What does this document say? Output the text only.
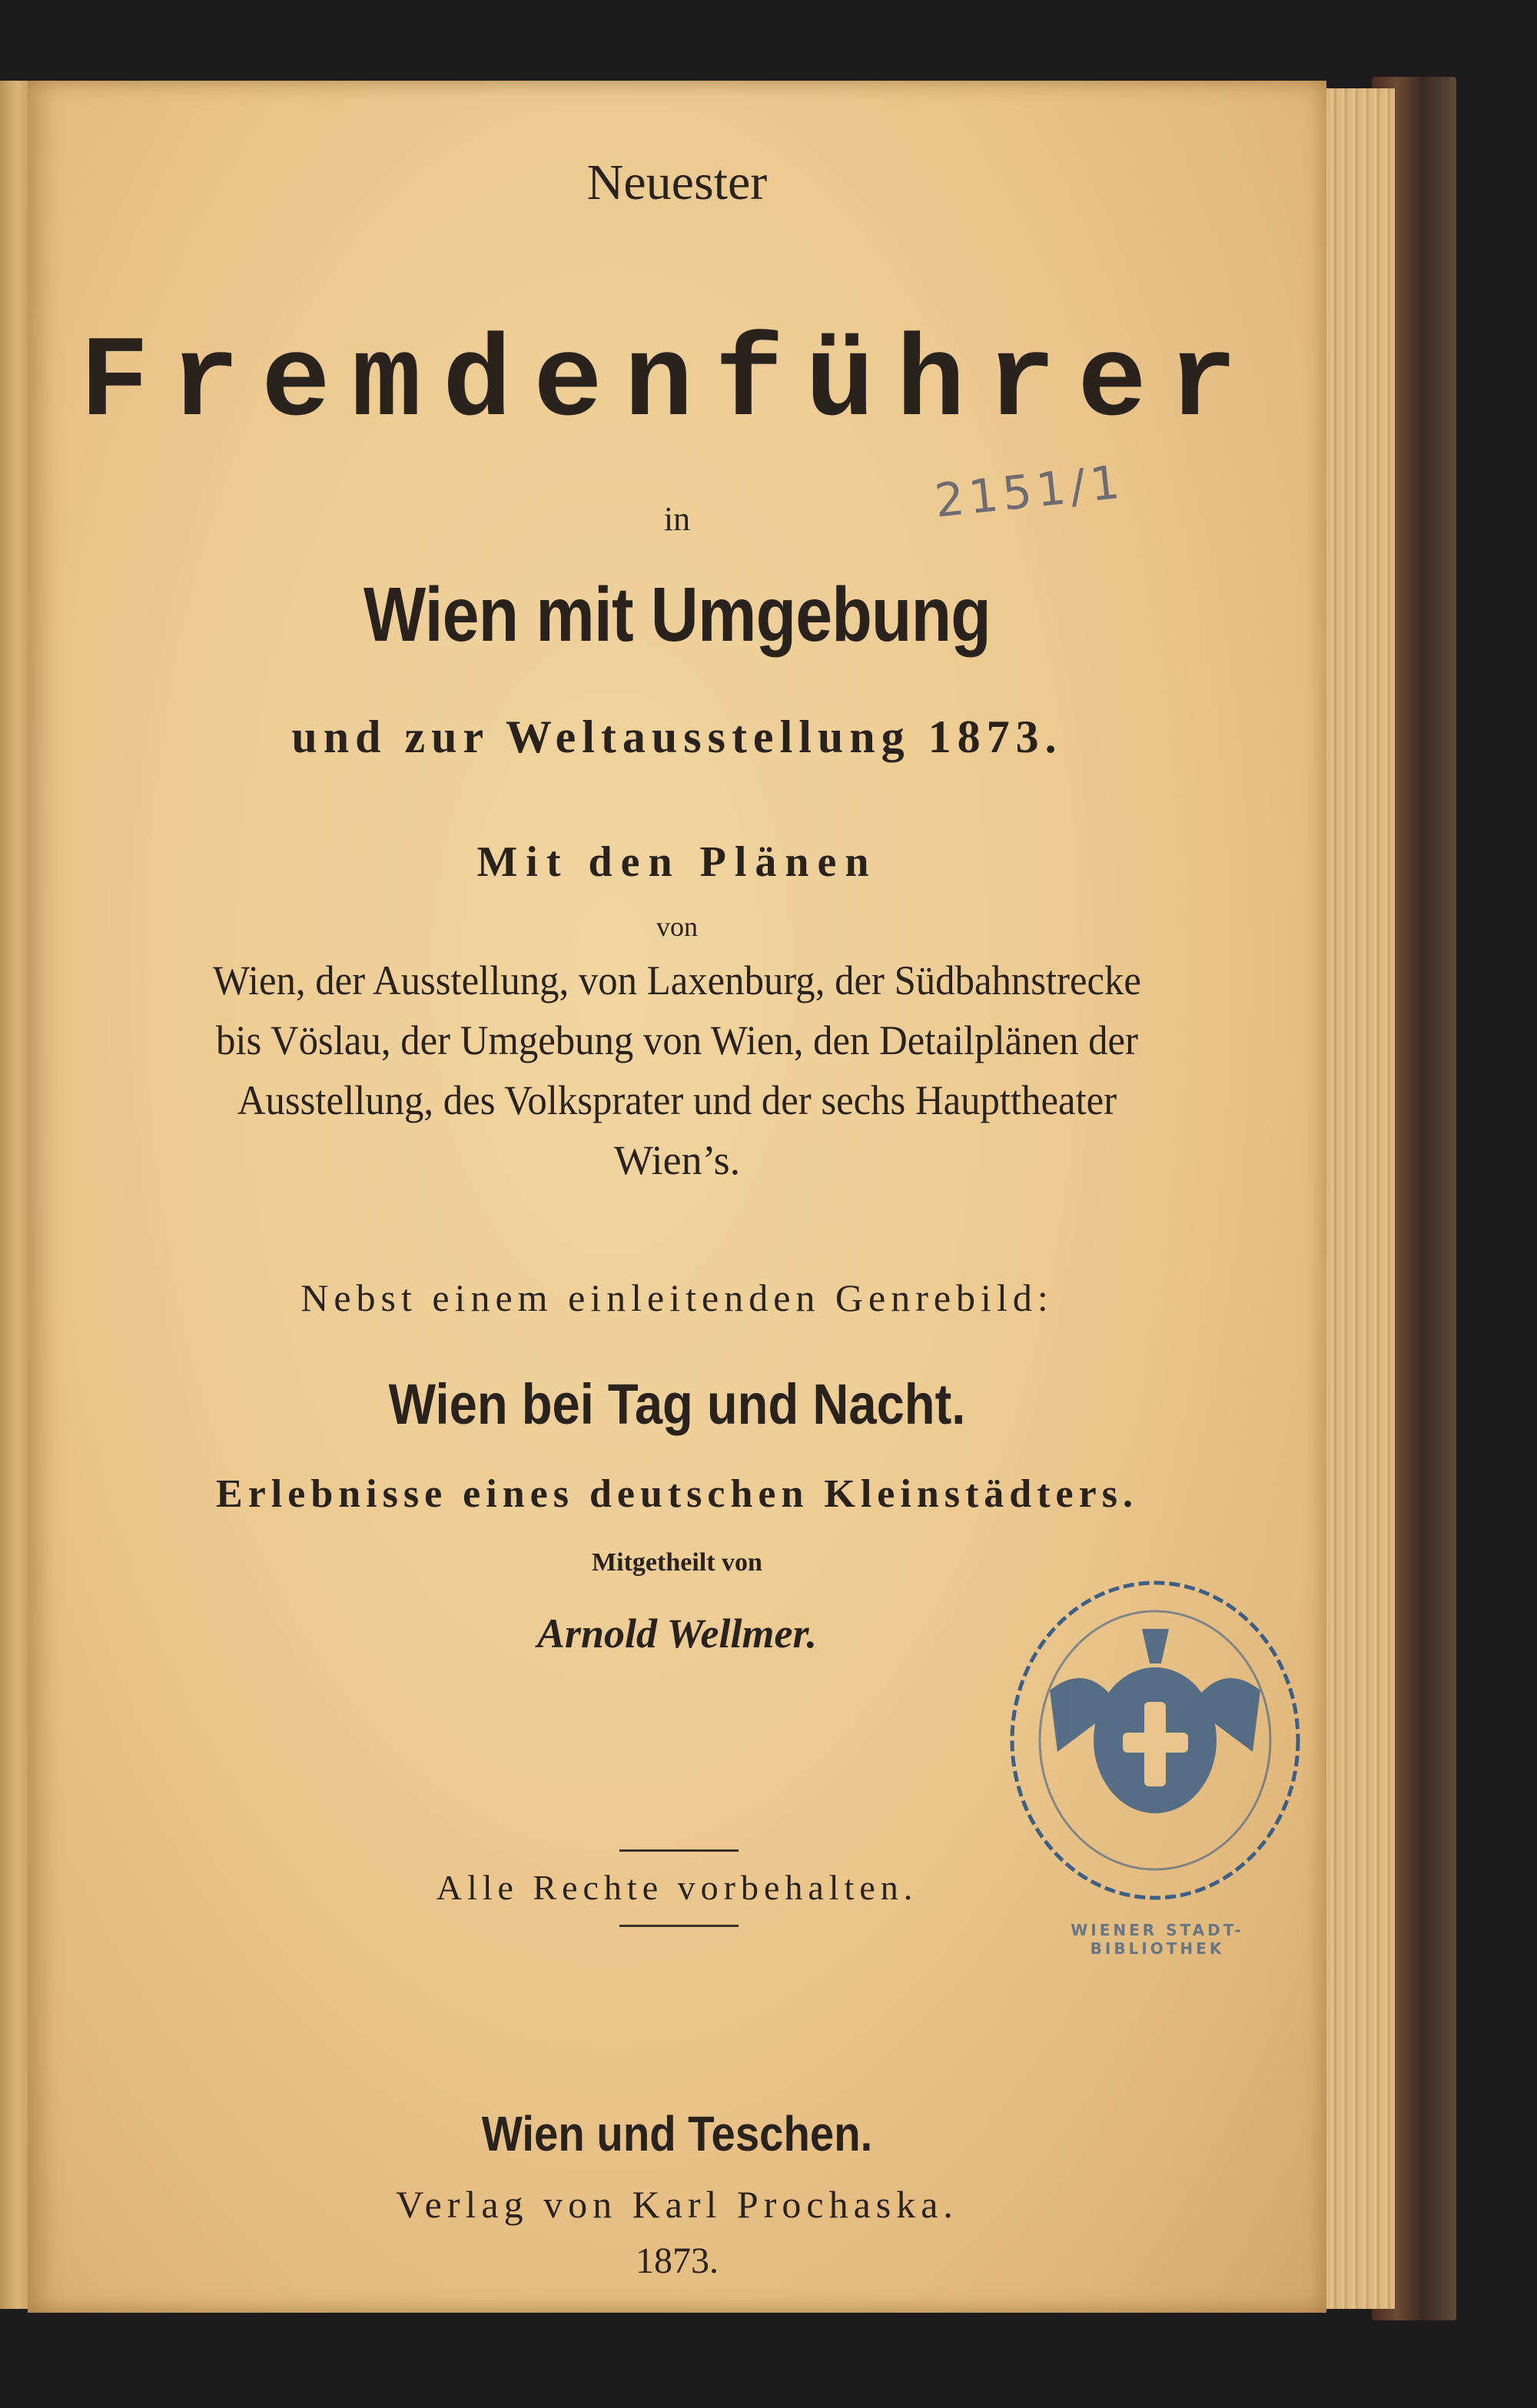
Neuester

Fremdenführer

in	2151/1

Wien mit Umgebung

und zur Weltausstellung 1873.

Mit den Plänen

von

Wien, der Ausstellung, von Laxenburg, der Südbahnstrecke

bis Vöslau, der Umgebung von Wien, den Detailplänen der

Ausstellung, des Volksprater und der sechs Haupttheater

Wien’s.

Nebst einem einleitenden Genrebild:

Wien bei Tag und Nacht.

Erlebnisse eines deutschen Kleinstädters.

Mitgetheilt von

Arnold Wellmer.

Alle Rechte vorbehalten.

WIENER STADT-BIBLIOTHEK

Wien und Teschen.

Verlag von Karl Prochaska.

1873.
